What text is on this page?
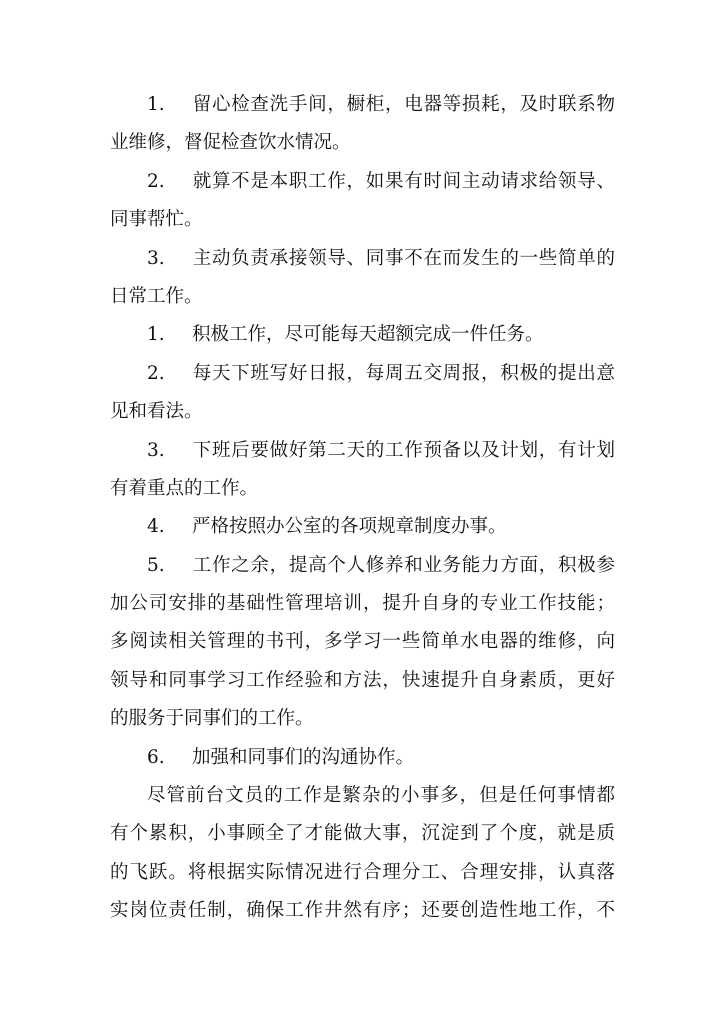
1. 留心检查洗手间，橱柜，电器等损耗，及时联系物
业维修，督促检查饮水情况。
2. 就算不是本职工作，如果有时间主动请求给领导、
同事帮忙。
3. 主动负责承接领导、同事不在而发生的一些简单的
日常工作。
1. 积极工作，尽可能每天超额完成一件任务。
2. 每天下班写好日报，每周五交周报，积极的提出意
见和看法。
3. 下班后要做好第二天的工作预备以及计划，有计划
有着重点的工作。
4. 严格按照办公室的各项规章制度办事。
5. 工作之余，提高个人修养和业务能力方面，积极参
加公司安排的基础性管理培训，提升自身的专业工作技能；
多阅读相关管理的书刊，多学习一些简单水电器的维修，向
领导和同事学习工作经验和方法，快速提升自身素质，更好
的服务于同事们的工作。
6. 加强和同事们的沟通协作。
尽管前台文员的工作是繁杂的小事多，但是任何事情都
有个累积，小事顾全了才能做大事，沉淀到了个度，就是质
的飞跃。将根据实际情况进行合理分工、合理安排，认真落
实岗位责任制，确保工作井然有序；还要创造性地工作，不
